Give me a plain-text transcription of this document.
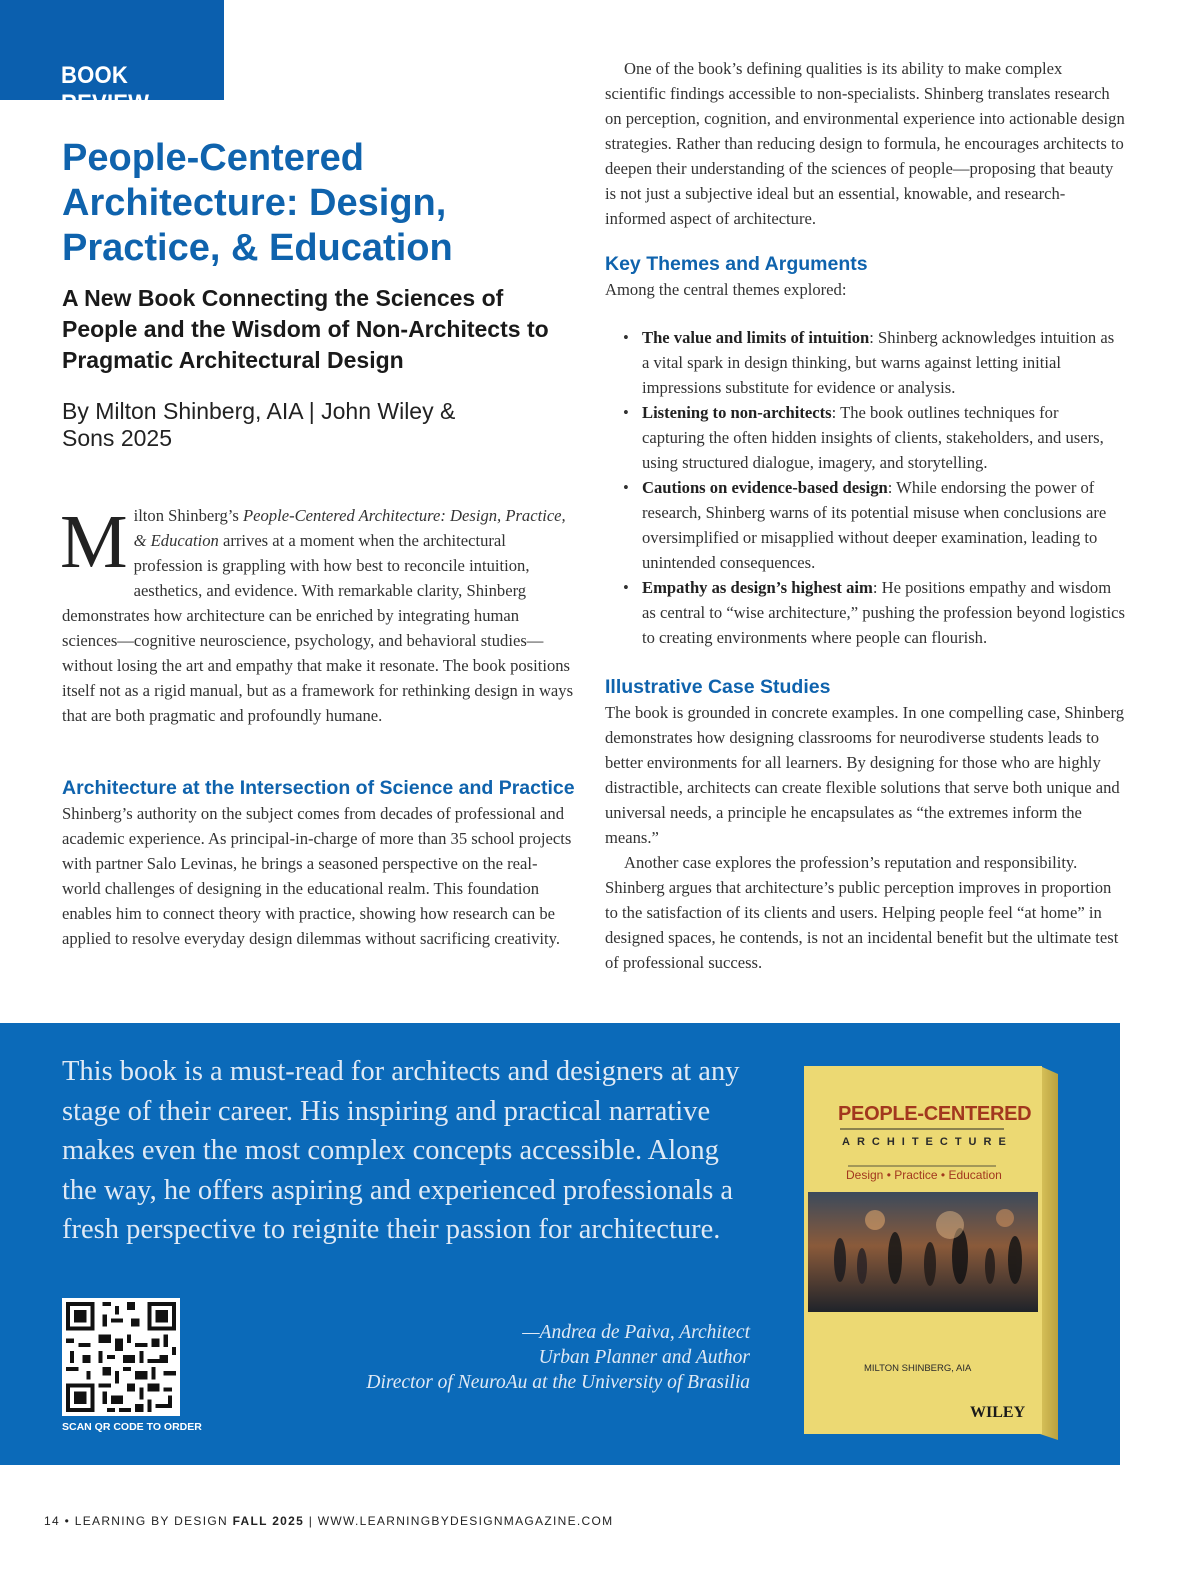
BOOK REVIEW
People-Centered Architecture: Design, Practice, & Education
A New Book Connecting the Sciences of People and the Wisdom of Non-Architects to Pragmatic Architectural Design
By Milton Shinberg, AIA | John Wiley & Sons 2025
Milton Shinberg’s People-Centered Architecture: Design, Practice, & Education arrives at a moment when the architectural profession is grappling with how best to reconcile intuition, aesthetics, and evidence. With remarkable clarity, Shinberg demonstrates how architecture can be enriched by integrating human sciences—cognitive neuroscience, psychology, and behavioral studies—without losing the art and empathy that make it resonate. The book positions itself not as a rigid manual, but as a framework for rethinking design in ways that are both pragmatic and profoundly humane.
Architecture at the Intersection of Science and Practice

Shinberg’s authority on the subject comes from decades of professional and academic experience. As principal-in-charge of more than 35 school projects with partner Salo Levinas, he brings a seasoned perspective on the real-world challenges of designing in the educational realm. This foundation enables him to connect theory with practice, showing how research can be applied to resolve everyday design dilemmas without sacrificing creativity.

One of the book’s defining qualities is its ability to make complex scientific findings accessible to non-specialists. Shinberg translates research on perception, cognition, and environmental experience into actionable design strategies. Rather than reducing design to formula, he encourages architects to deepen their understanding of the sciences of people—proposing that beauty is not just a subjective ideal but an essential, knowable, and research-informed aspect of architecture.

Key Themes and Arguments

Among the central themes explored:

• The value and limits of intuition: Shinberg acknowledges intuition as a vital spark in design thinking, but warns against letting initial impressions substitute for evidence or analysis.
• Listening to non-architects: The book outlines techniques for capturing the often hidden insights of clients, stakeholders, and users, using structured dialogue, imagery, and storytelling.
• Cautions on evidence-based design: While endorsing the power of research, Shinberg warns of its potential misuse when conclusions are oversimplified or misapplied without deeper examination, leading to unintended consequences.
• Empathy as design’s highest aim: He positions empathy and wisdom as central to “wise architecture,” pushing the profession beyond logistics to creating environments where people can flourish.
Illustrative Case Studies

The book is grounded in concrete examples. In one compelling case, Shinberg demonstrates how designing classrooms for neurodiverse students leads to better environments for all learners. By designing for those who are highly distractible, architects can create flexible solutions that serve both unique and universal needs, a principle he encapsulates as “the extremes inform the means.”

Another case explores the profession’s reputation and responsibility. Shinberg argues that architecture’s public perception improves in proportion to the satisfaction of its clients and users. Helping people feel “at home” in designed spaces, he contends, is not an incidental benefit but the ultimate test of professional success.

This book is a must-read for architects and designers at any stage of their career. His inspiring and practical narrative makes even the most complex concepts accessible. Along the way, he offers aspiring and experienced professionals a fresh perspective to reignite their passion for architecture.

—Andrea de Paiva, Architect
Urban Planner and Author
Director of NeuroAu at the University of Brasilia
SCAN QR CODE TO ORDER
PEOPLE-CENTERED
ARCHITECTURE
Design • Practice • Education
MILTON SHINBERG, AIA
WILEY
14 • LEARNING BY DESIGN FALL 2025 | WWW.LEARNINGBYDESIGNMAGAZINE.COM
